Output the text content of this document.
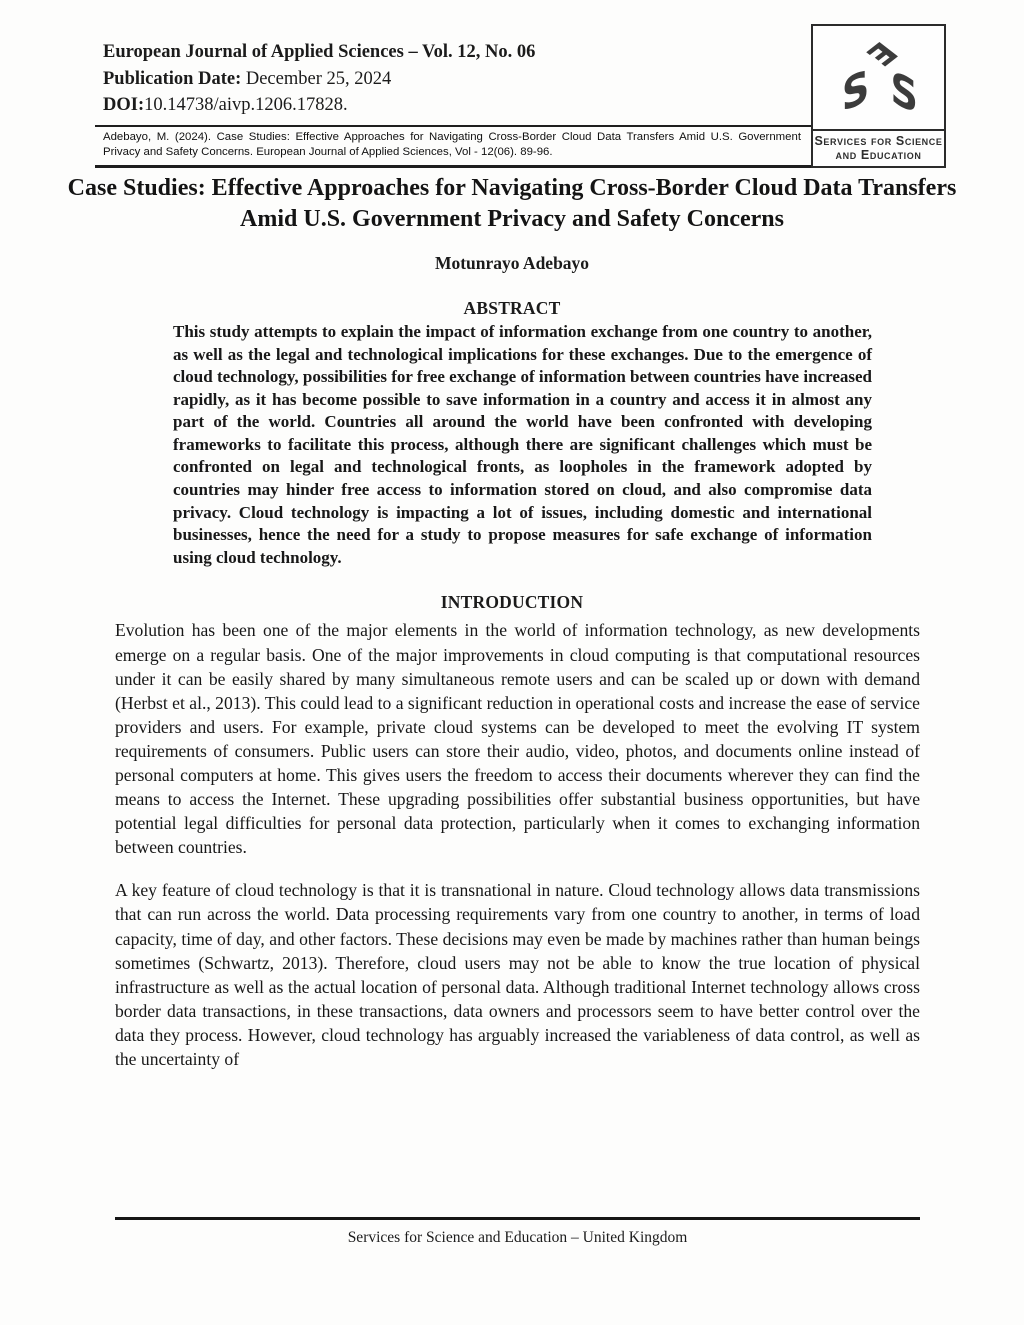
European Journal of Applied Sciences – Vol. 12, No. 06
Publication Date: December 25, 2024
DOI:10.14738/aivp.1206.17828.
Adebayo, M. (2024). Case Studies: Effective Approaches for Navigating Cross-Border Cloud Data Transfers Amid U.S. Government Privacy and Safety Concerns. European Journal of Applied Sciences, Vol - 12(06). 89-96.
E
S S
Services for Science
and Education
Case Studies: Effective Approaches for Navigating Cross-Border Cloud Data Transfers Amid U.S. Government Privacy and Safety Concerns
Motunrayo Adebayo
ABSTRACT

This study attempts to explain the impact of information exchange from one country to another, as well as the legal and technological implications for these exchanges. Due to the emergence of cloud technology, possibilities for free exchange of information between countries have increased rapidly, as it has become possible to save information in a country and access it in almost any part of the world. Countries all around the world have been confronted with developing frameworks to facilitate this process, although there are significant challenges which must be confronted on legal and technological fronts, as loopholes in the framework adopted by countries may hinder free access to information stored on cloud, and also compromise data privacy. Cloud technology is impacting a lot of issues, including domestic and international businesses, hence the need for a study to propose measures for safe exchange of information using cloud technology.

INTRODUCTION

Evolution has been one of the major elements in the world of information technology, as new developments emerge on a regular basis. One of the major improvements in cloud computing is that computational resources under it can be easily shared by many simultaneous remote users and can be scaled up or down with demand (Herbst et al., 2013). This could lead to a significant reduction in operational costs and increase the ease of service providers and users. For example, private cloud systems can be developed to meet the evolving IT system requirements of consumers. Public users can store their audio, video, photos, and documents online instead of personal computers at home. This gives users the freedom to access their documents wherever they can find the means to access the Internet. These upgrading possibilities offer substantial business opportunities, but have potential legal difficulties for personal data protection, particularly when it comes to exchanging information between countries.

A key feature of cloud technology is that it is transnational in nature. Cloud technology allows data transmissions that can run across the world. Data processing requirements vary from one country to another, in terms of load capacity, time of day, and other factors. These decisions may even be made by machines rather than human beings sometimes (Schwartz, 2013). Therefore, cloud users may not be able to know the true location of physical infrastructure as well as the actual location of personal data. Although traditional Internet technology allows cross border data transactions, in these transactions, data owners and processors seem to have better control over the data they process. However, cloud technology has arguably increased the variableness of data control, as well as the uncertainty of

Services for Science and Education – United Kingdom
